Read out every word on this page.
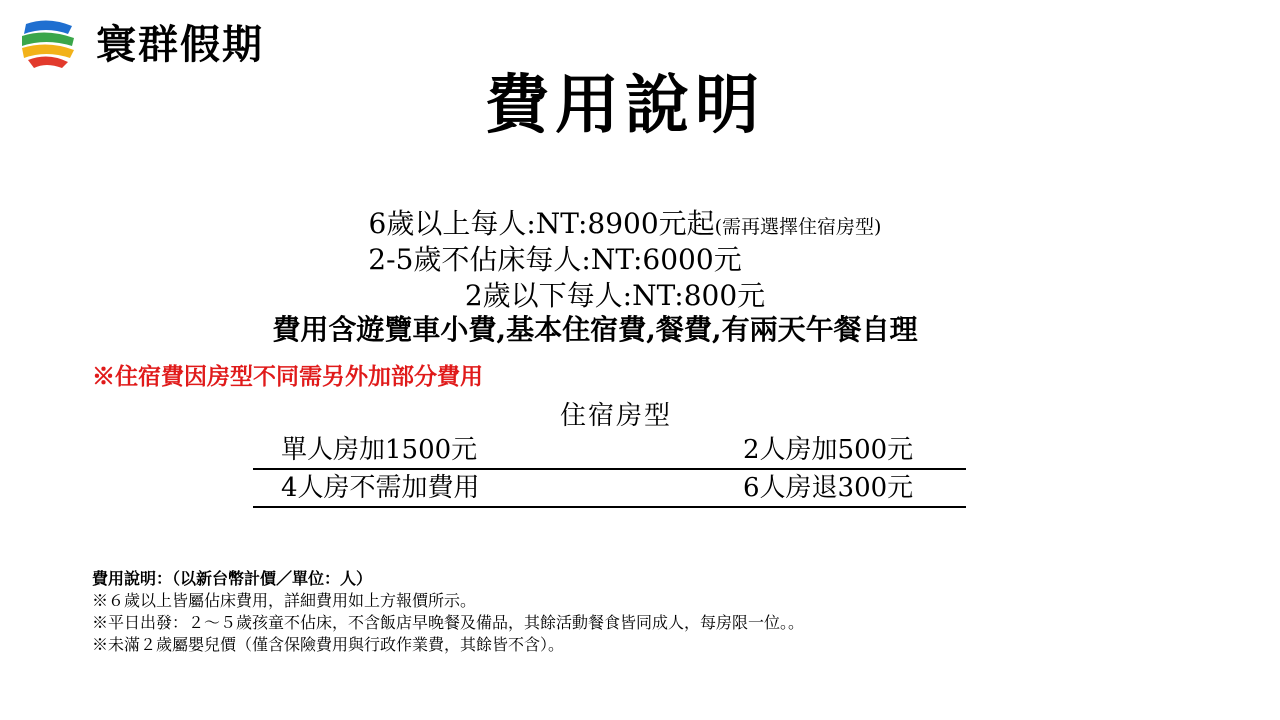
寰群假期
費用說明
6歲以上每人:NT:8900元起(需再選擇住宿房型)
2-5歲不佔床每人:NT:6000元
2歲以下每人:NT:800元
費用含遊覽車小費,基本住宿費,餐費,有兩天午餐自理
※住宿費因房型不同需另外加部分費用
住宿房型
單人房加1500元	2人房加500元
4人房不需加費用	6人房退300元
費用說明：（以新台幣計價／單位：人）
※６歲以上皆屬佔床費用，詳細費用如上方報價所示。
※平日出發：２～５歲孩童不佔床，不含飯店早晚餐及備品，其餘活動餐食皆同成人，每房限一位。。
※未滿２歲屬嬰兒價（僅含保險費用與行政作業費，其餘皆不含）。
